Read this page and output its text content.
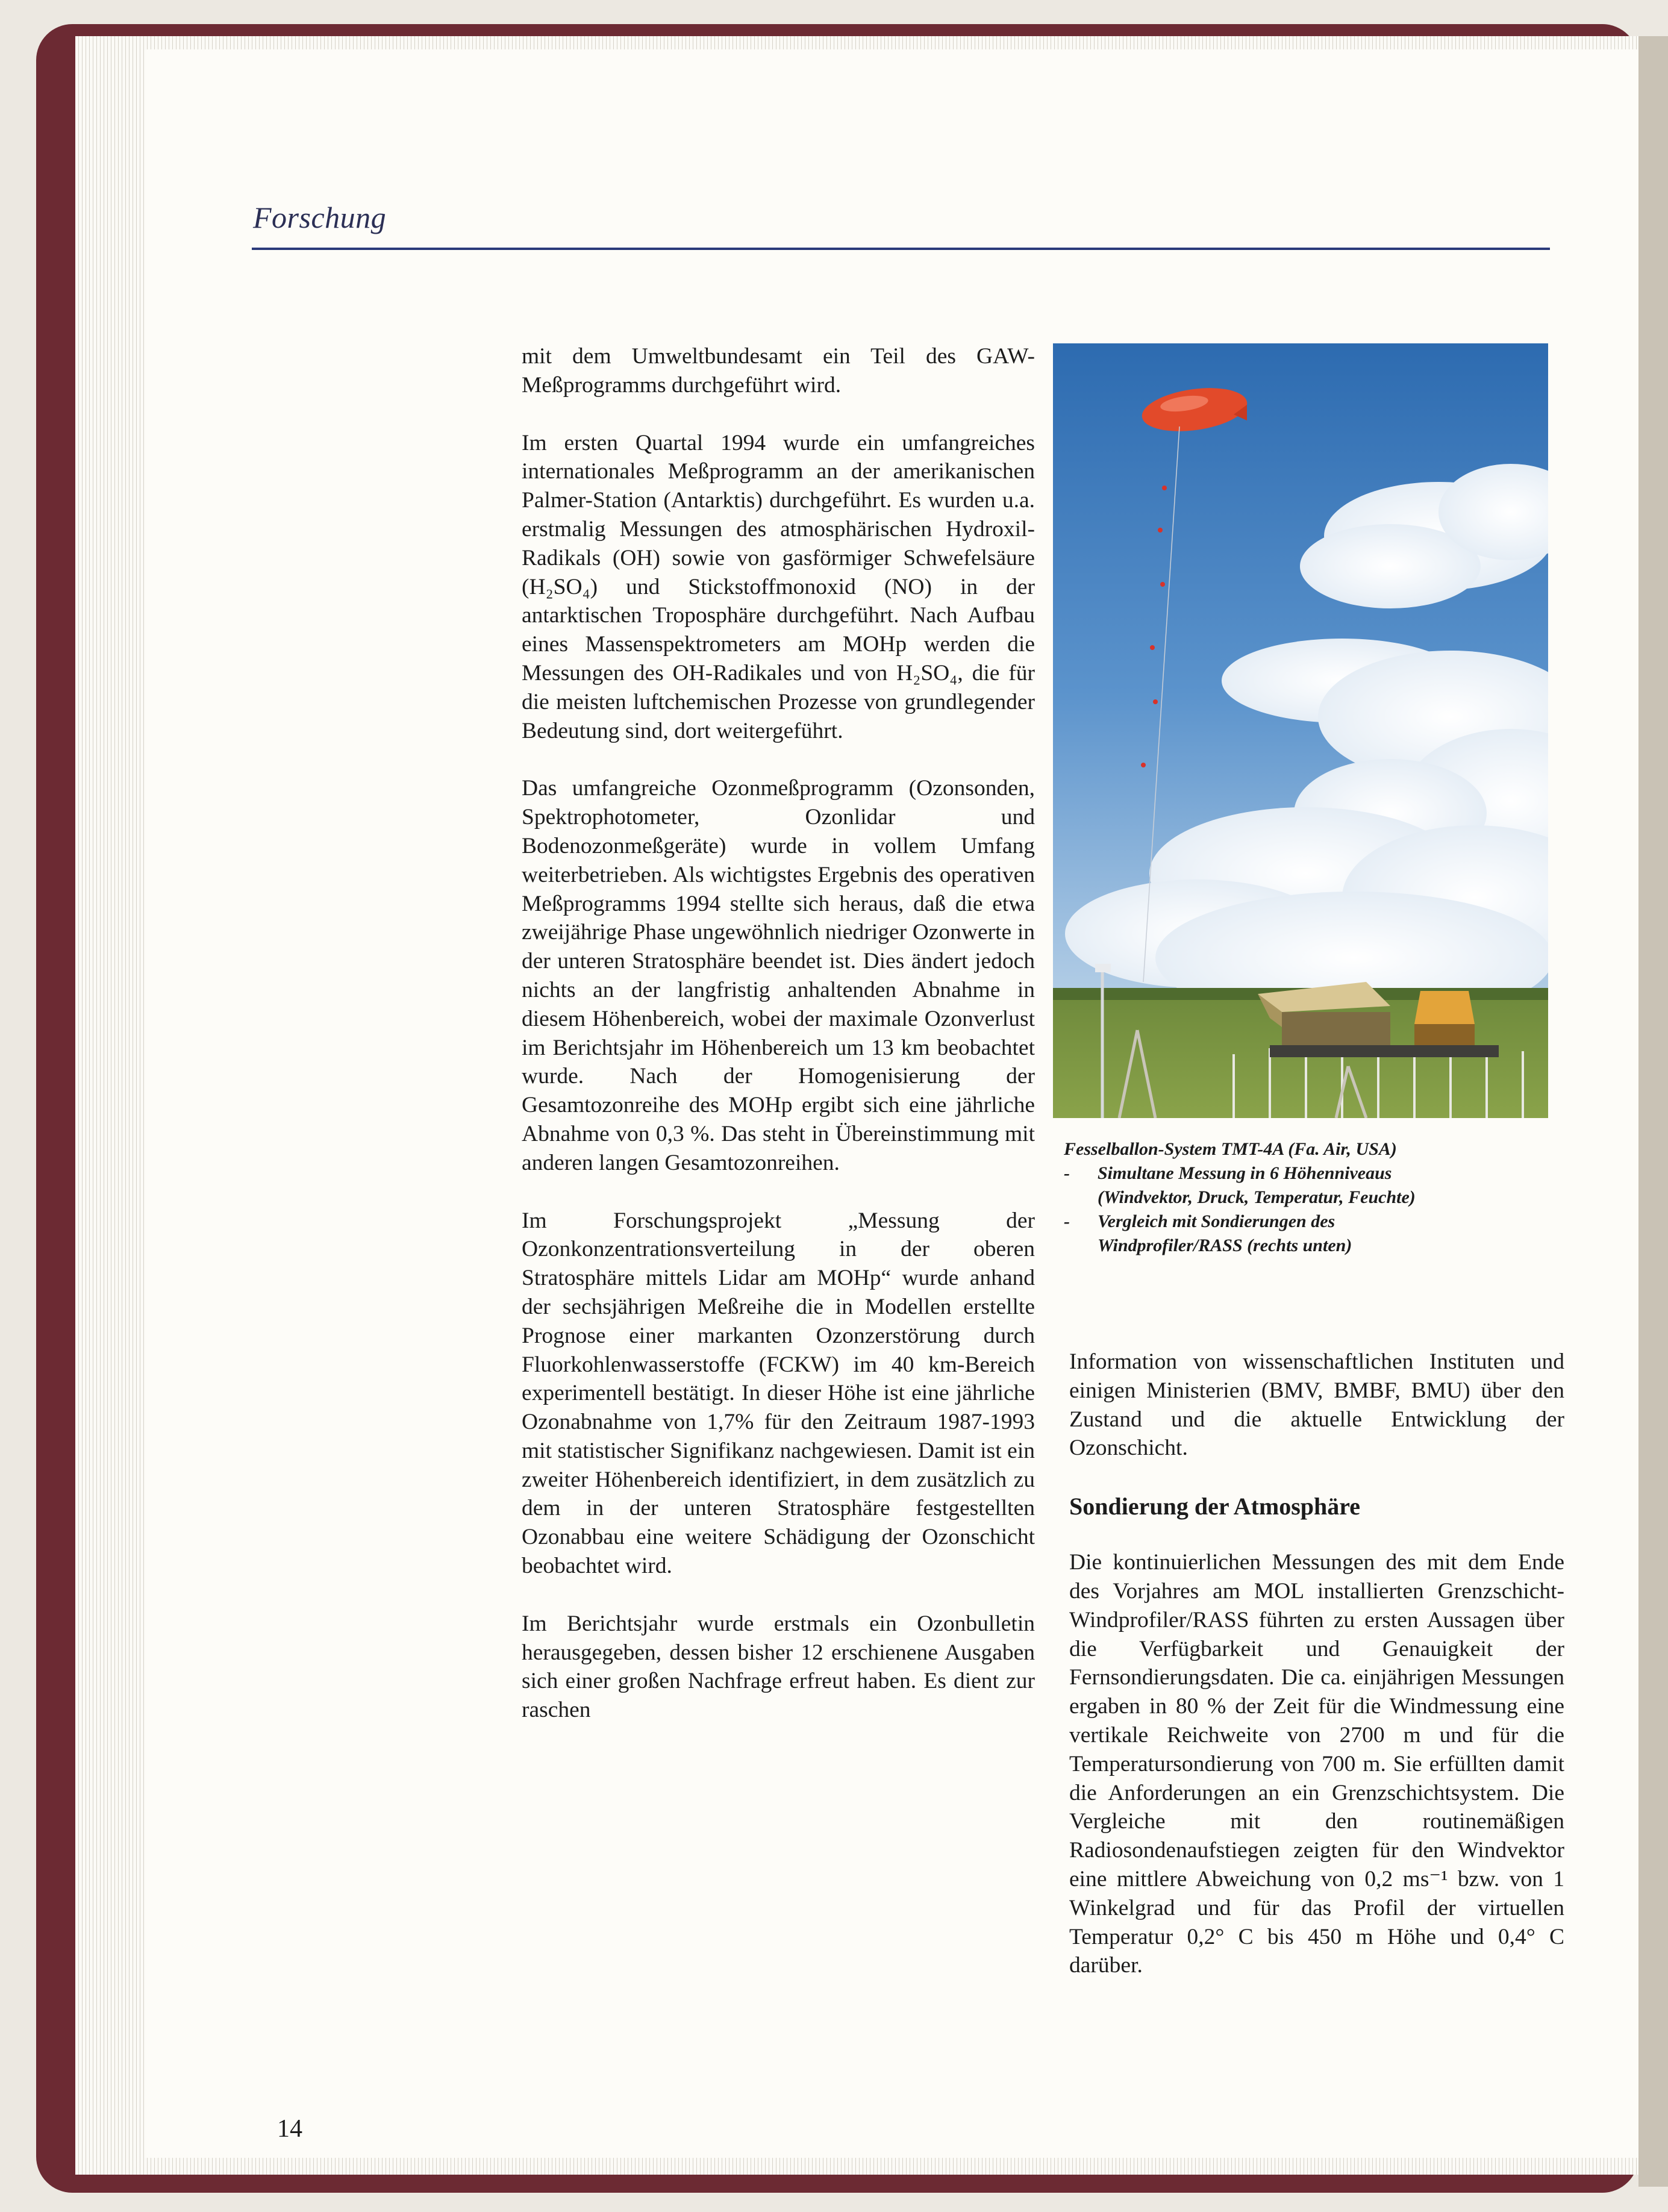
Forschung

mit dem Umweltbundesamt ein Teil des GAW-Meßprogramms durchgeführt wird.

Im ersten Quartal 1994 wurde ein umfangreiches internationales Meßprogramm an der amerikanischen Palmer-Station (Antarktis) durchgeführt. Es wurden u.a. erstmalig Messungen des atmosphärischen Hydroxil-Radikals (OH) sowie von gasförmiger Schwefelsäure (H₂SO₄) und Stickstoffmonoxid (NO) in der antarktischen Troposphäre durchgeführt. Nach Aufbau eines Massenspektrometers am MOHp werden die Messungen des OH-Radikales und von H₂SO₄, die für die meisten luftchemischen Prozesse von grundlegender Bedeutung sind, dort weitergeführt.

Das umfangreiche Ozonmeßprogramm (Ozonsonden, Spektrophotometer, Ozonlidar und Bodenozonmeßgeräte) wurde in vollem Umfang weiterbetrieben. Als wichtigstes Ergebnis des operativen Meßprogramms 1994 stellte sich heraus, daß die etwa zweijährige Phase ungewöhnlich niedriger Ozonwerte in der unteren Stratosphäre beendet ist. Dies ändert jedoch nichts an der langfristig anhaltenden Abnahme in diesem Höhenbereich, wobei der maximale Ozonverlust im Berichtsjahr im Höhenbereich um 13 km beobachtet wurde. Nach der Homogenisierung der Gesamtozonreihe des MOHp ergibt sich eine jährliche Abnahme von 0,3 %. Das steht in Übereinstimmung mit anderen langen Gesamtozonreihen.

Im Forschungsprojekt „Messung der Ozonkonzentrationsverteilung in der oberen Stratosphäre mittels Lidar am MOHp“ wurde anhand der sechsjährigen Meßreihe die in Modellen erstellte Prognose einer markanten Ozonzerstörung durch Fluorkohlenwasserstoffe (FCKW) im 40 km-Bereich experimentell bestätigt. In dieser Höhe ist eine jährliche Ozonabnahme von 1,7% für den Zeitraum 1987-1993 mit statistischer Signifikanz nachgewiesen. Damit ist ein zweiter Höhenbereich identifiziert, in dem zusätzlich zu dem in der unteren Stratosphäre festgestellten Ozonabbau eine weitere Schädigung der Ozonschicht beobachtet wird.

Im Berichtsjahr wurde erstmals ein Ozonbulletin herausgegeben, dessen bisher 12 erschienene Ausgaben sich einer großen Nachfrage erfreut haben. Es dient zur raschen

Fesselballon-System TMT-4A (Fa. Air, USA)
- Simultane Messung in 6 Höhenniveaus
(Windvektor, Druck, Temperatur, Feuchte)
- Vergleich mit Sondierungen des
Windprofiler/RASS (rechts unten)

Information von wissenschaftlichen Instituten und einigen Ministerien (BMV, BMBF, BMU) über den Zustand und die aktuelle Entwicklung der Ozonschicht.

Sondierung der Atmosphäre

Die kontinuierlichen Messungen des mit dem Ende des Vorjahres am MOL installierten Grenzschicht-Windprofiler/RASS führten zu ersten Aussagen über die Verfügbarkeit und Genauigkeit der Fernsondierungsdaten. Die ca. einjährigen Messungen ergaben in 80 % der Zeit für die Windmessung eine vertikale Reichweite von 2700 m und für die Temperatursondierung von 700 m. Sie erfüllten damit die Anforderungen an ein Grenzschichtsystem. Die Vergleiche mit den routinemäßigen Radiosondenaufstiegen zeigten für den Windvektor eine mittlere Abweichung von 0,2 ms⁻¹ bzw. von 1 Winkelgrad und für das Profil der virtuellen Temperatur 0,2° C bis 450 m Höhe und 0,4° C darüber.

14
